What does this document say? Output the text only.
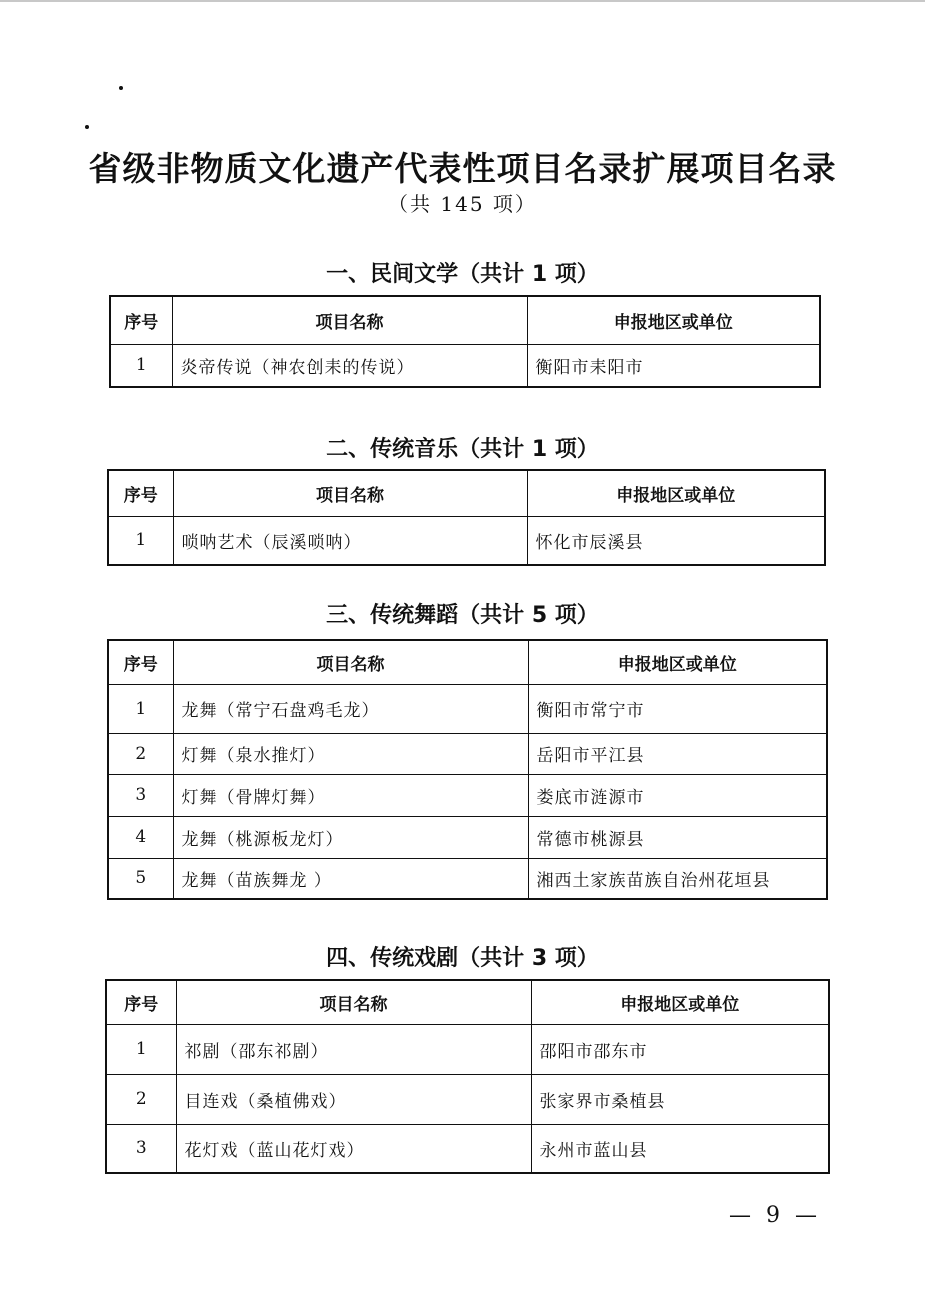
省级非物质文化遗产代表性项目名录扩展项目名录
（共 145 项）
一、民间文学（共计 1 项）
序号	项目名称	申报地区或单位
1	炎帝传说（神农创耒的传说）	衡阳市耒阳市
二、传统音乐（共计 1 项）
序号	项目名称	申报地区或单位
1	唢呐艺术（辰溪唢呐）	怀化市辰溪县
三、传统舞蹈（共计 5 项）
序号	项目名称	申报地区或单位
1	龙舞（常宁石盘鸡毛龙）	衡阳市常宁市
2	灯舞（泉水推灯）	岳阳市平江县
3	灯舞（骨牌灯舞）	娄底市涟源市
4	龙舞（桃源板龙灯）	常德市桃源县
5	龙舞（苗族舞龙 ）	湘西土家族苗族自治州花垣县
四、传统戏剧（共计 3 项）
序号	项目名称	申报地区或单位
1	祁剧（邵东祁剧）	邵阳市邵东市
2	目连戏（桑植佛戏）	张家界市桑植县
3	花灯戏（蓝山花灯戏）	永州市蓝山县
— 9 —
